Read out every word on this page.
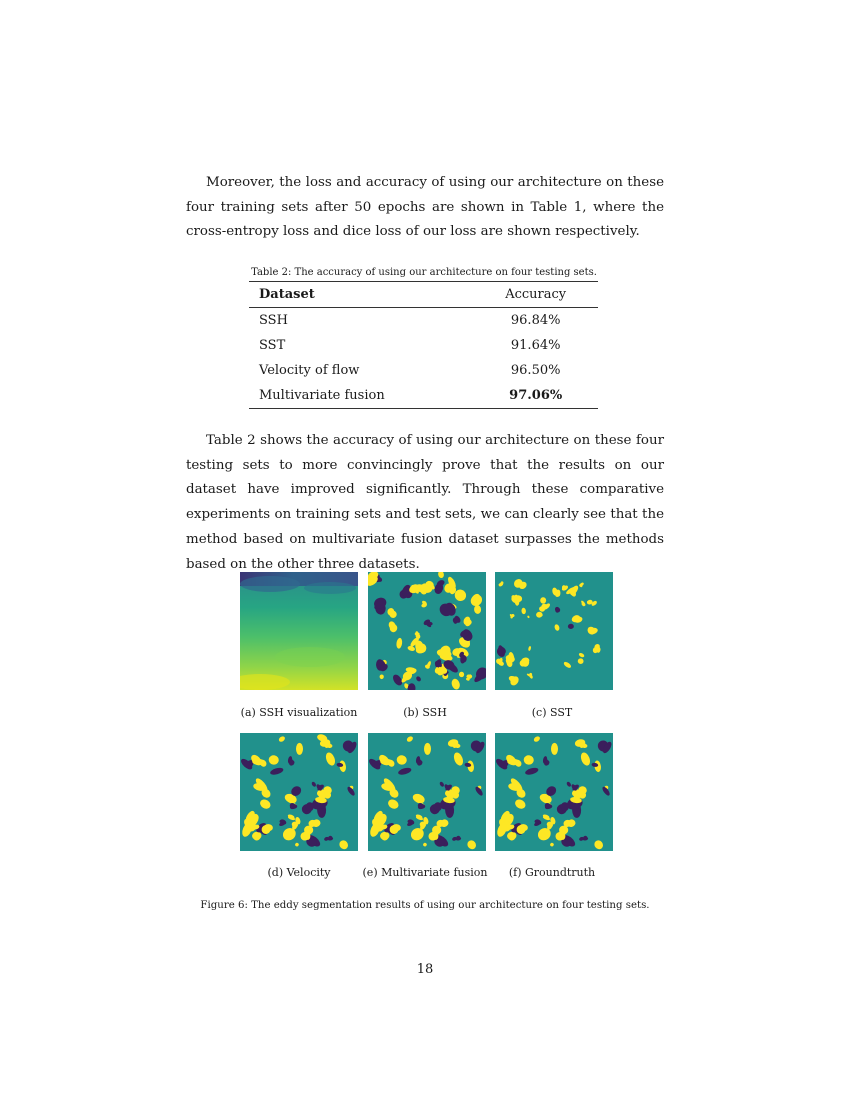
Moreover, the loss and accuracy of using our architecture on these four training sets after 50 epochs are shown in Table 1, where the cross-entropy loss and dice loss of our loss are shown respectively.

Table 2: The accuracy of using our architecture on four testing sets.
Dataset	Accuracy
SSH	96.84%
SST	91.64%
Velocity of flow	96.50%
Multivariate fusion	97.06%

Table 2 shows the accuracy of using our architecture on these four testing sets to more convincingly prove that the results on our dataset have improved significantly. Through these comparative experiments on training sets and test sets, we can clearly see that the method based on multivariate fusion dataset surpasses the methods based on the other three datasets.

(a) SSH visualization	(b) SSH	(c) SST
(d) Velocity	(e) Multivariate fusion	(f) Groundtruth
Figure 6: The eddy segmentation results of using our architecture on four testing sets.
18
